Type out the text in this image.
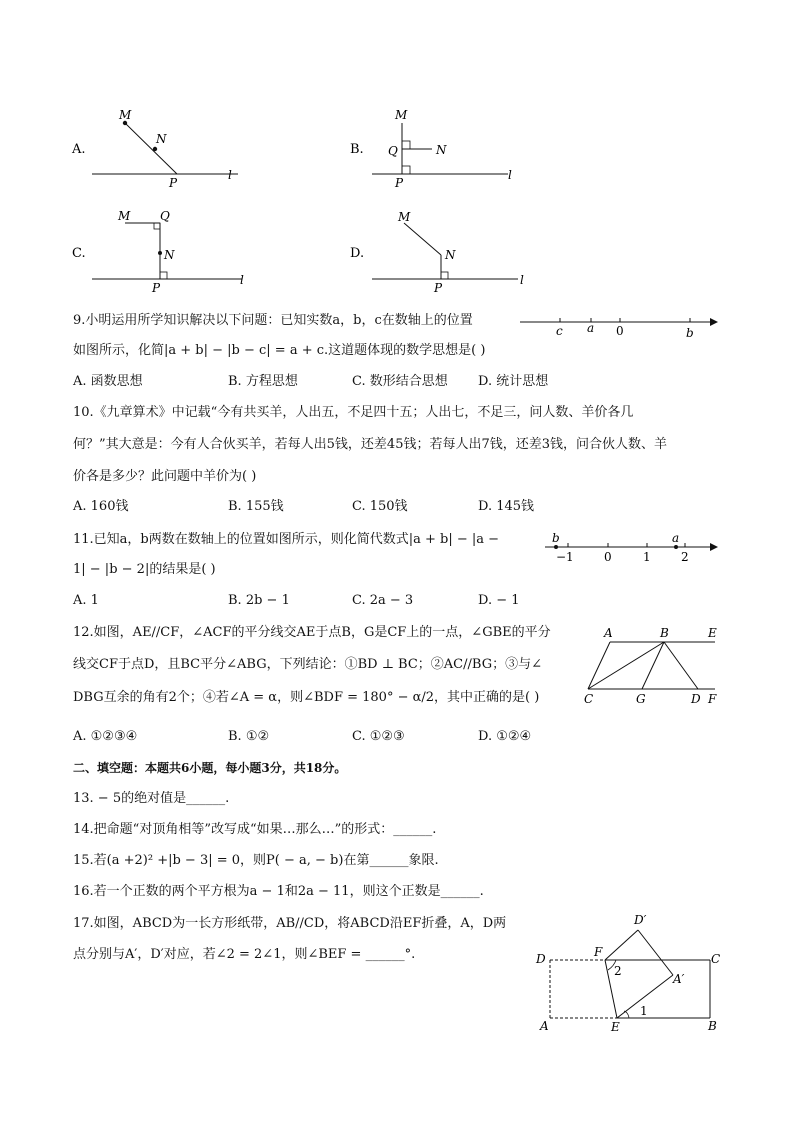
A.
M
N
P
l
B.
M
Q	N
P
l
C.
M Q
N
P
l
D.
M
N
P
l
9.小明运用所学知识解决以下问题：已知实数a，b，c在数轴上的位置
如图所示，化简|a + b| − |b − c| = a + c.这道题体现的数学思想是( )
c a 0	b
A. 函数思想	B. 方程思想	C. 数形结合思想 D. 统计思想
10.《九章算术》中记载“今有共买羊，人出五，不足四十五；人出七，不足三，问人数、羊价各几
何？”其大意是：今有人合伙买羊，若每人出5钱，还差45钱；若每人出7钱，还差3钱，问合伙人数、羊
价各是多少？此问题中羊价为( )
A. 160钱	B. 155钱	C. 150钱	D. 145钱
11.已知a，b两数在数轴上的位置如图所示，则化简代数式|a + b| − |a −
1| − |b − 2|的结果是( )
b	a
−1	0	1	2
A. 1	B. 2b − 1	C. 2a − 3	D. − 1
12.如图，AE//CF，∠ACF的平分线交AE于点B，G是CF上的一点，∠GBE的平分
线交CF于点D，且BC平分∠ABG，下列结论：①BD ⊥ BC；②AC//BG；③与∠
DBG互余的角有2个；④若∠A = α，则∠BDF = 180° − α/2，其中正确的是( )
A	B	E
C	G	D F
A. ①②③④	B. ①②	C. ①②③	D. ①②④
二、填空题：本题共6小题，每小题3分，共18分。
13. − 5的绝对值是______.
14.把命题“对顶角相等”改写成“如果…那么…”的形式：______.
15.若(a +2)² +|b − 3| = 0，则P( − a, − b)在第______象限.
16.若一个正数的两个平方根为a − 1和2a − 11，则这个正数是______.
17.如图，ABCD为一长方形纸带，AB//CD，将ABCD沿EF折叠，A，D两
点分别与A′，D′对应，若∠2 = 2∠1，则∠BEF = ______°.
D′
D	F	C
A′
2
1
A	E	B
